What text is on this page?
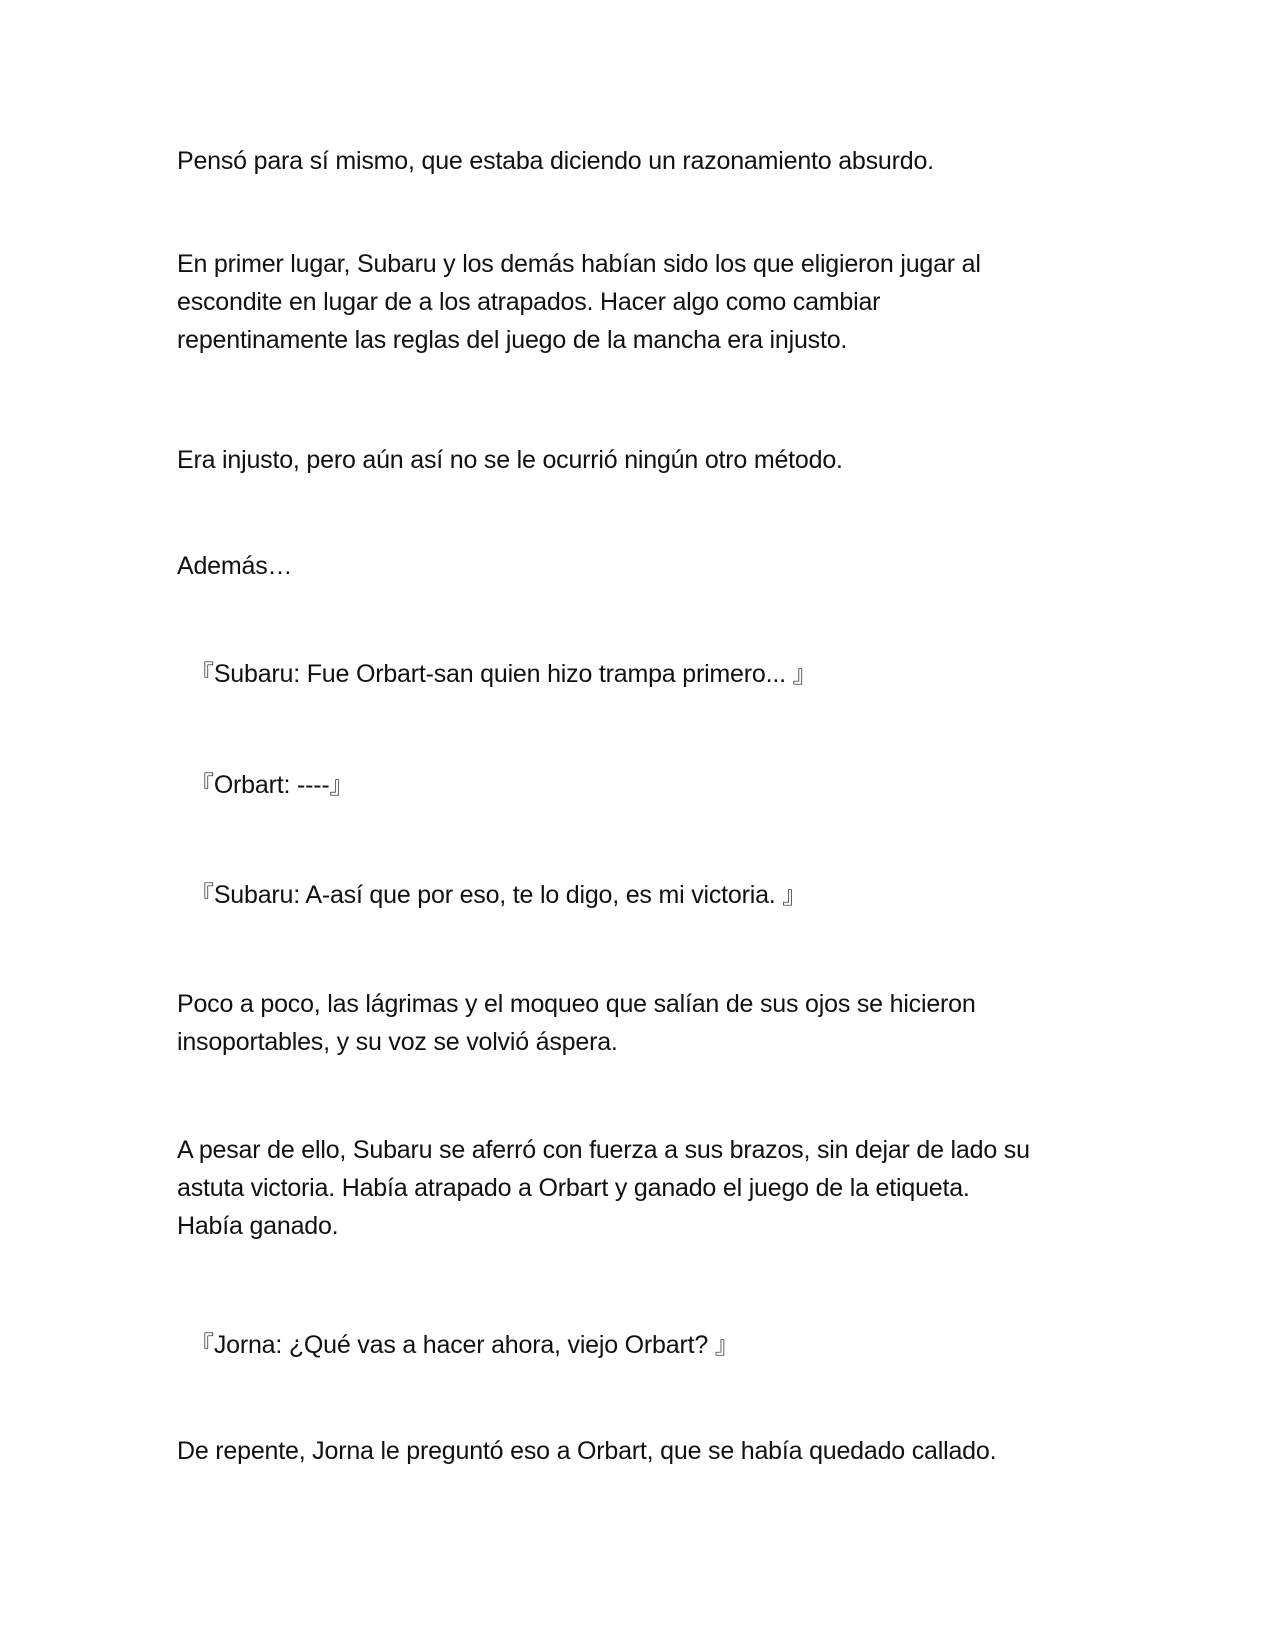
Pensó para sí mismo, que estaba diciendo un razonamiento absurdo.

En primer lugar, Subaru y los demás habían sido los que eligieron jugar al
escondite en lugar de a los atrapados. Hacer algo como cambiar
repentinamente las reglas del juego de la mancha era injusto.

Era injusto, pero aún así no se le ocurrió ningún otro método.

Además…

『Subaru: Fue Orbart-san quien hizo trampa primero... 』

『Orbart: ----』

『Subaru: A-así que por eso, te lo digo, es mi victoria. 』

Poco a poco, las lágrimas y el moqueo que salían de sus ojos se hicieron
insoportables, y su voz se volvió áspera.

A pesar de ello, Subaru se aferró con fuerza a sus brazos, sin dejar de lado su
astuta victoria. Había atrapado a Orbart y ganado el juego de la etiqueta.
Había ganado.

『Jorna: ¿Qué vas a hacer ahora, viejo Orbart? 』

De repente, Jorna le preguntó eso a Orbart, que se había quedado callado.
